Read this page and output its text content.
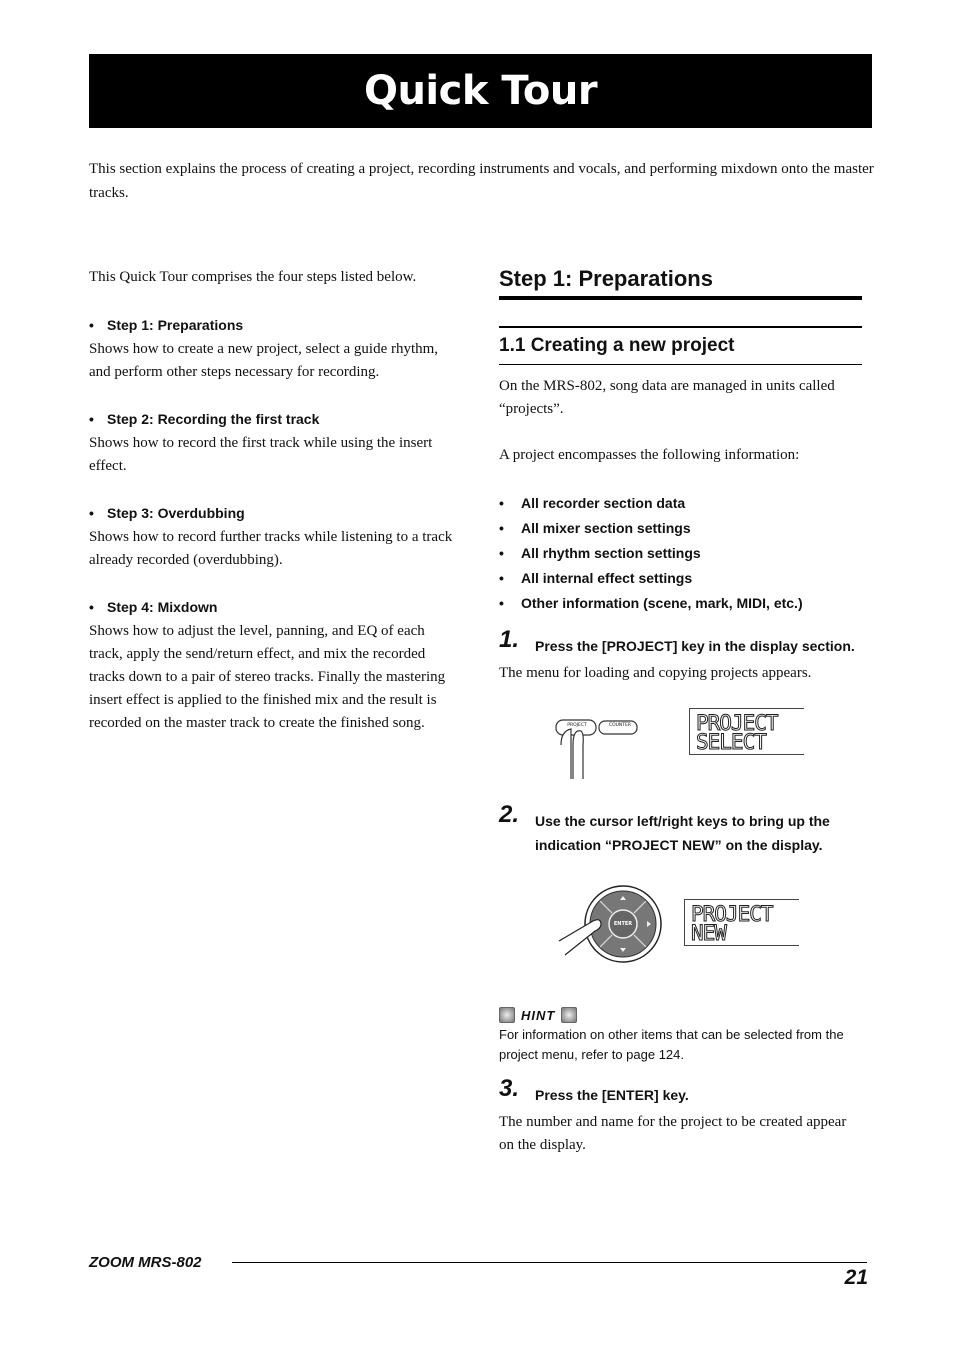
Quick Tour
This section explains the process of creating a project, recording instruments and vocals, and performing mixdown onto the master tracks.

This Quick Tour comprises the four steps listed below.

• Step 1: Preparations

Shows how to create a new project, select a guide rhythm, and perform other steps necessary for recording.

• Step 2: Recording the first track

Shows how to record the first track while using the insert effect.

• Step 3: Overdubbing

Shows how to record further tracks while listening to a track already recorded (overdubbing).

• Step 4: Mixdown

Shows how to adjust the level, panning, and EQ of each track, apply the send/return effect, and mix the recorded tracks down to a pair of stereo tracks. Finally the mastering insert effect is applied to the finished mix and the result is recorded on the master track to create the finished song.

Step 1: Preparations
1.1 Creating a new project

On the MRS-802, song data are managed in units called “projects”.

A project encompasses the following information:

• All recorder section data
• All mixer section settings
• All rhythm section settings
• All internal effect settings
• Other information (scene, mark, MIDI, etc.)
1. Press the [PROJECT] key in the display section.

The menu for loading and copying projects appears.

PROJECT	COUNTER	PROJECT
SELECT
2. Use the cursor left/right keys to bring up the indication “PROJECT NEW” on the display.
ENTER	PROJECT
NEW
HINT
For information on other items that can be selected from the project menu, refer to page 124.
3. Press the [ENTER] key.

The number and name for the project to be created appear on the display.

ZOOM MRS-802
21
